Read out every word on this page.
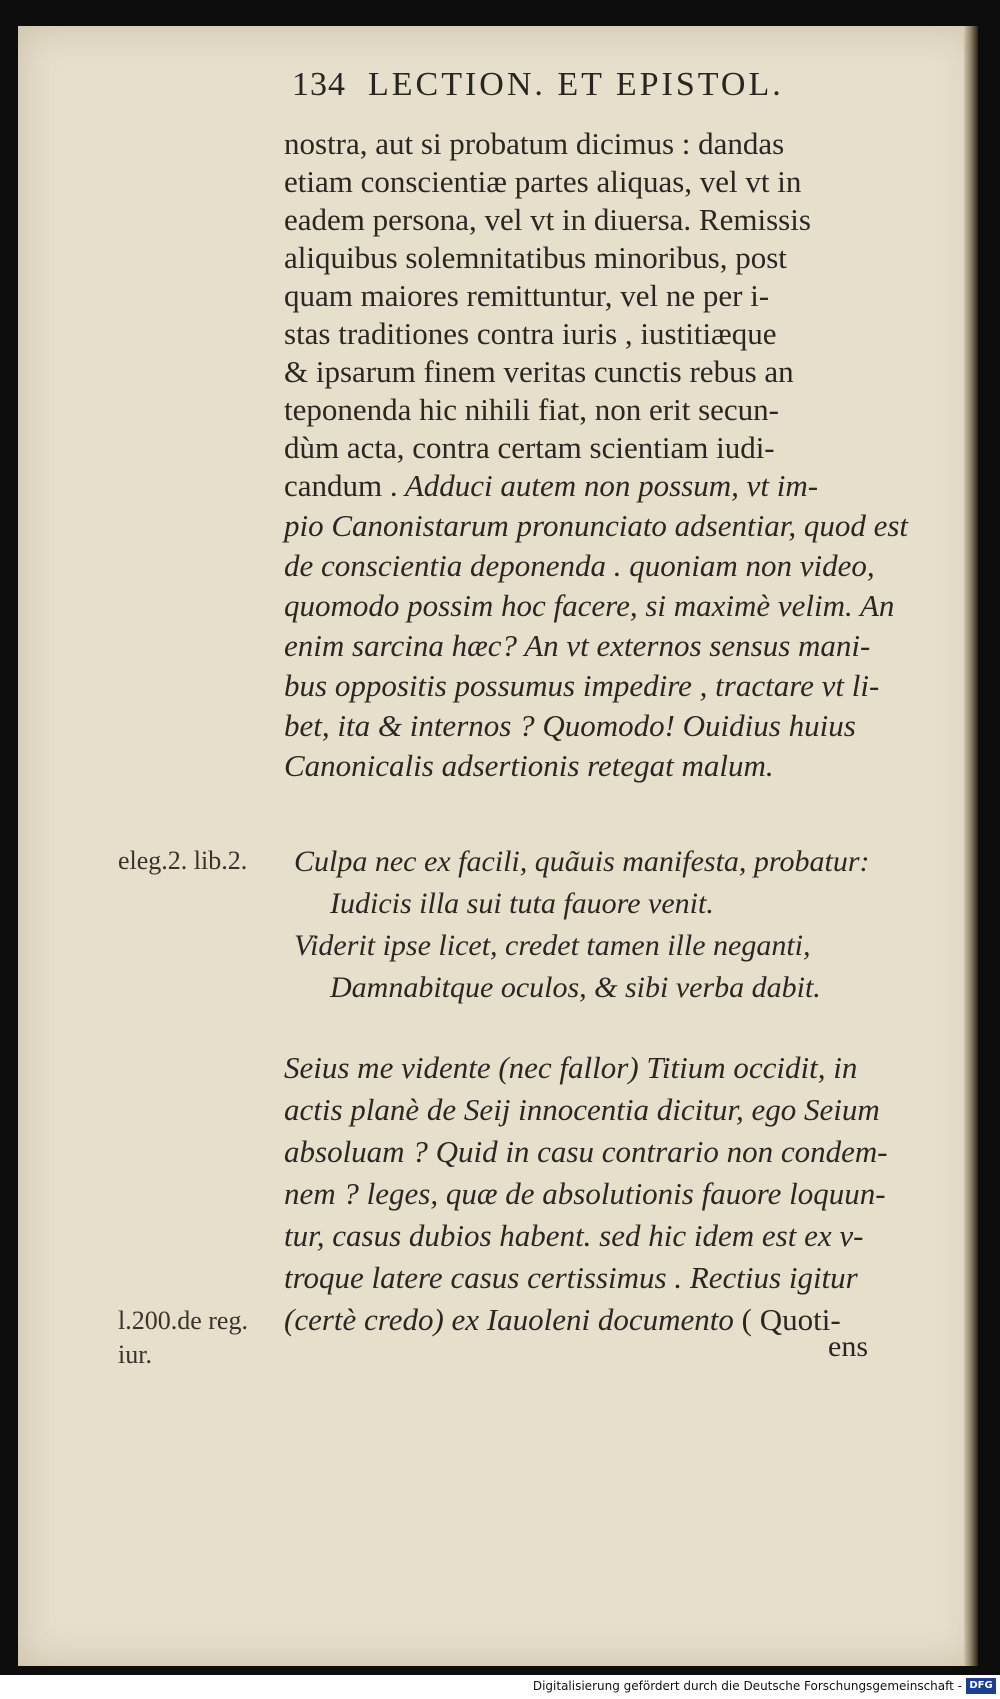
134 LECTION. ET EPISTOL.
nostra, aut si probatum dicimus : dandas
etiam conscientiæ partes aliquas, vel vt in
eadem persona, vel vt in diuersa. Remissis
aliquibus solemnitatibus minoribus, post
quam maiores remittuntur, vel ne per i-
stas traditiones contra iuris , iustitiæque
& ipsarum finem veritas cunctis rebus an
teponenda hic nihili fiat, non erit secun-
dùm acta, contra certam scientiam iudi-
candum . Adduci autem non possum, vt im-
pio Canonistarum pronunciato adsentiar, quod est
de conscientia deponenda . quoniam non video,
quomodo possim hoc facere, si maximè velim. An
enim sarcina hæc? An vt externos sensus mani-
bus oppositis possumus impedire , tractare vt li-
bet, ita & internos ? Quomodo! Ouidius huius
Canonicalis adsertionis retegat malum.
eleg.2. lib.2. Culpa nec ex facili, quãuis manifesta, probatur:
Iudicis illa sui tuta fauore venit.
Viderit ipse licet, credet tamen ille neganti,
Damnabitque oculos, & sibi verba dabit.
Seius me vidente (nec fallor) Titium occidit, in
actis planè de Seij innocentia dicitur, ego Seium
absoluam ? Quid in casu contrario non condem-
nem ? leges, quæ de absolutionis fauore loquun-
tur, casus dubios habent. sed hic idem est ex v-
troque latere casus certissimus . Rectius igitur
l.200.de reg.
iur.
(certè credo) ex Iauoleni documento ( Quoti-
ens
Digitalisierung gefördert durch die Deutsche Forschungsgemeinschaft - DFG
